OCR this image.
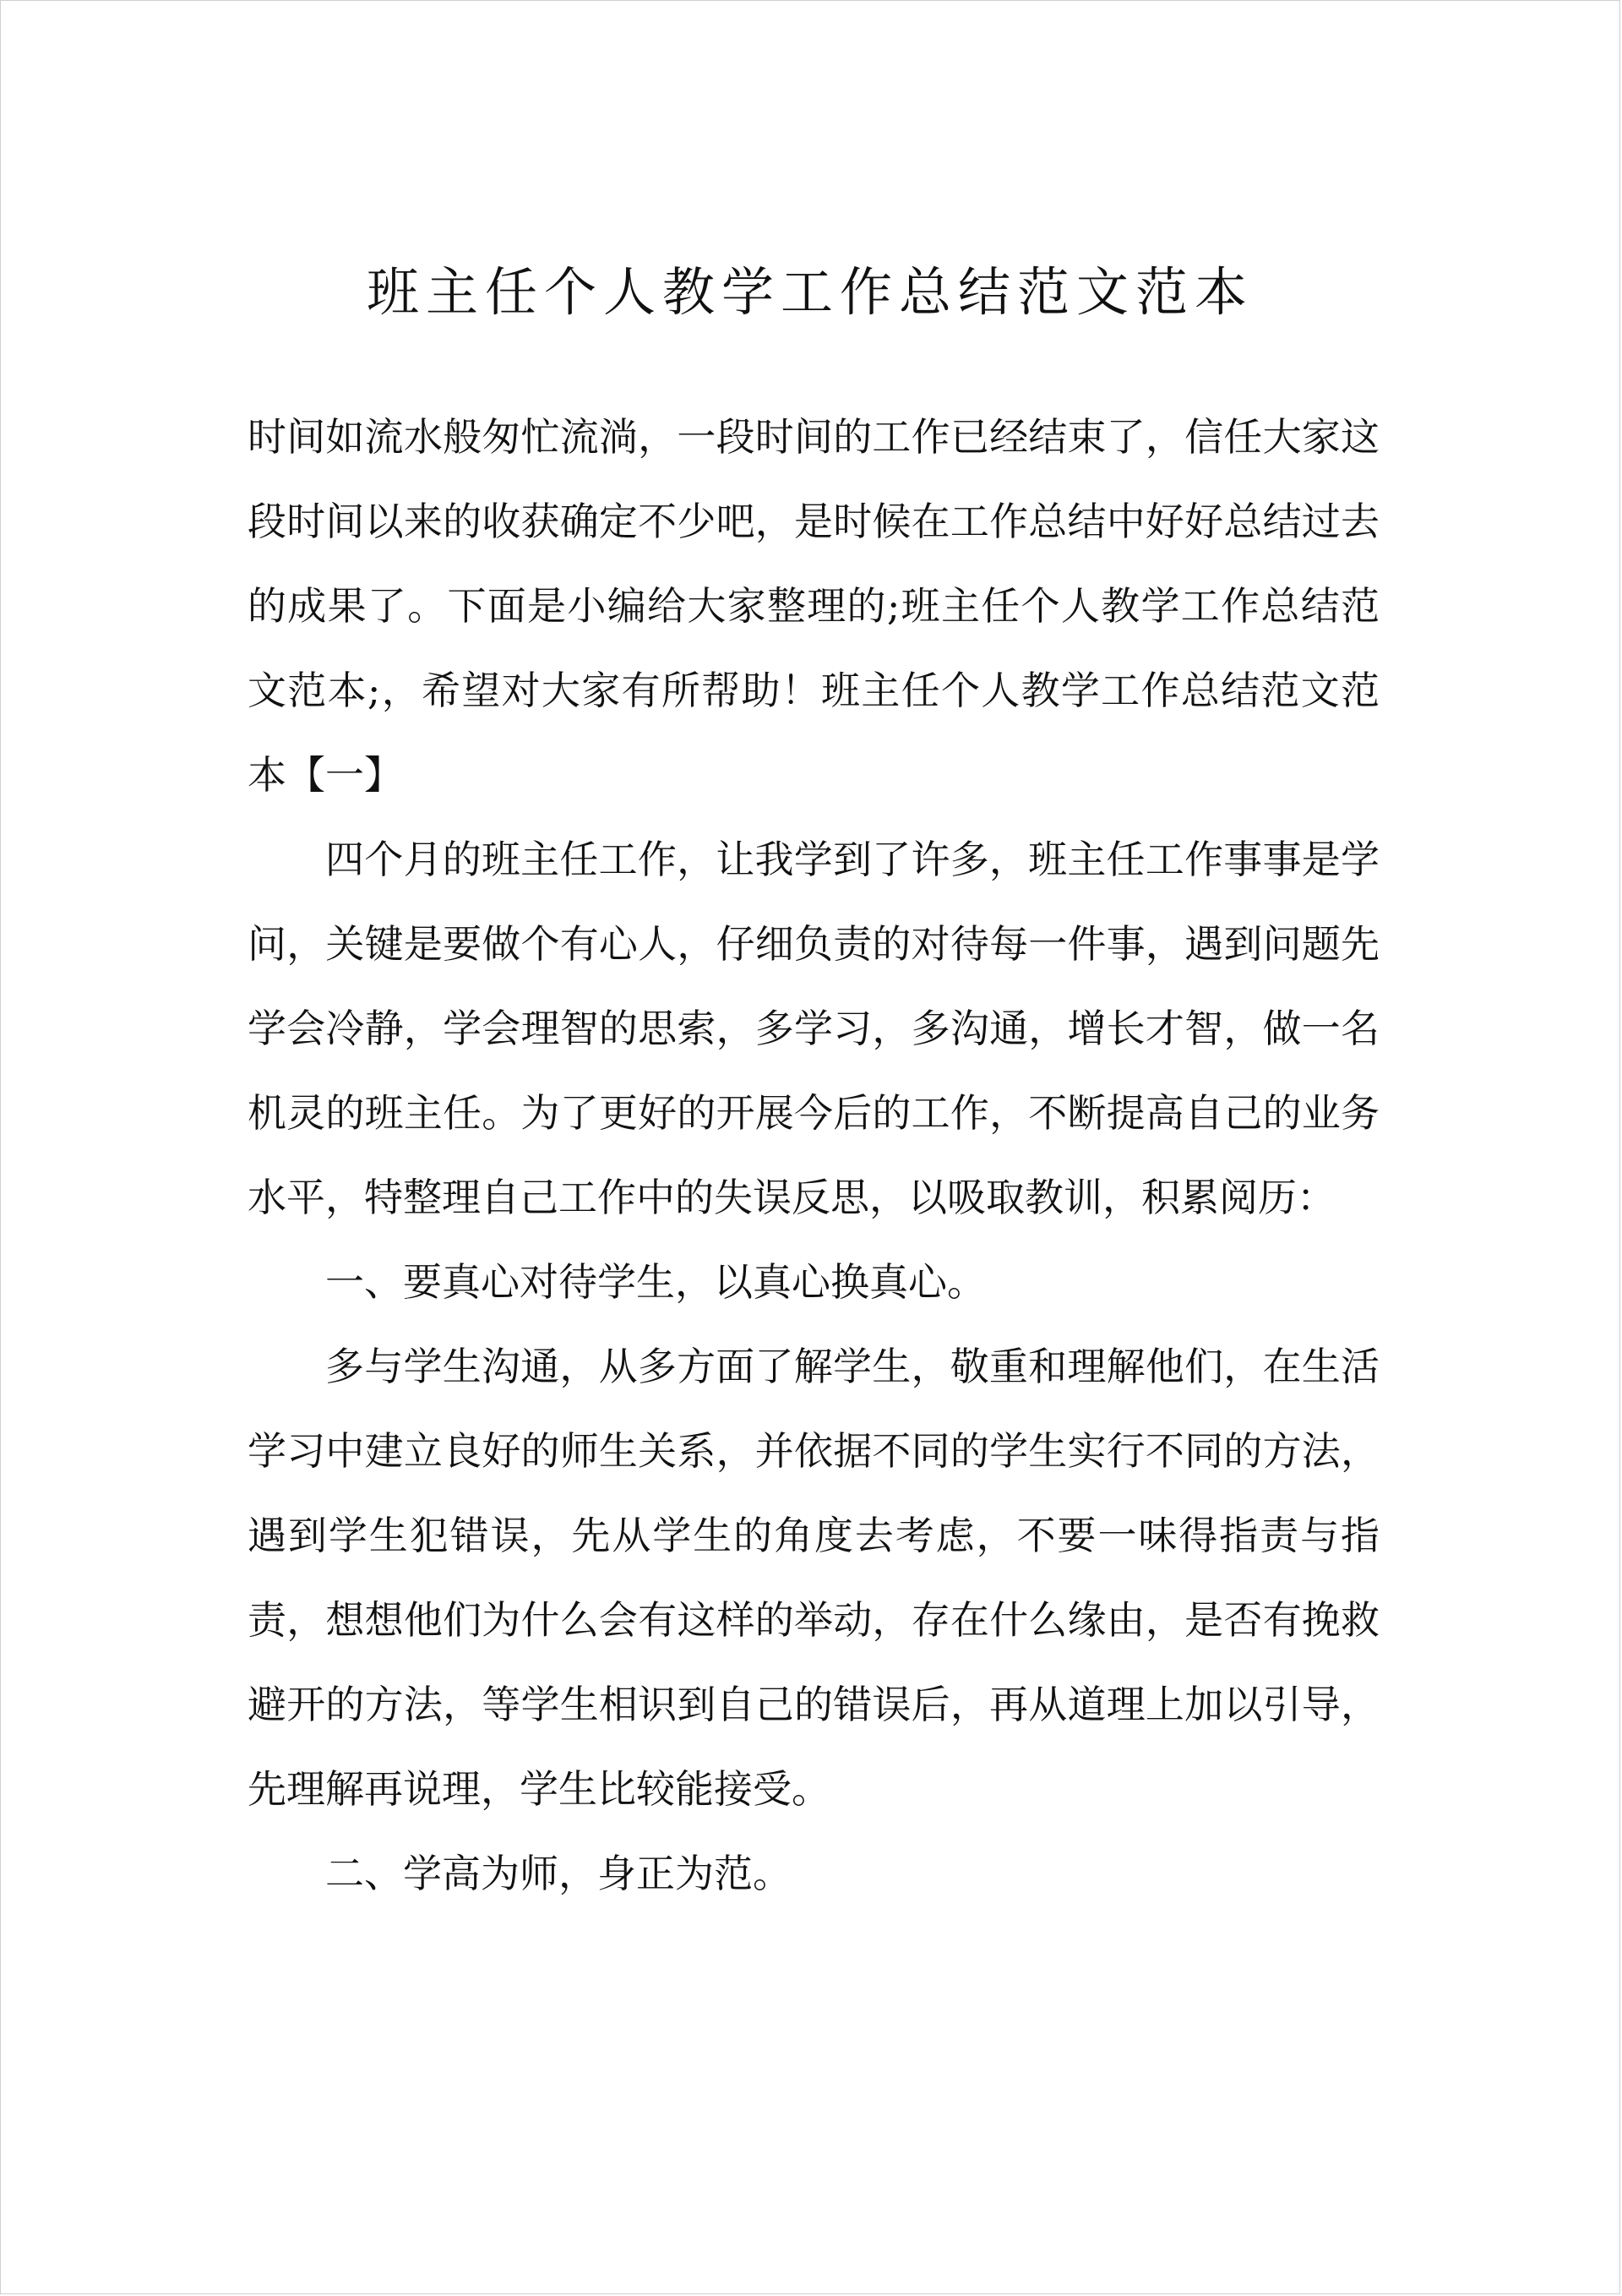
班主任个人教学工作总结范文范本

时间如流水般匆忙流淌，一段时间的工作已经结束了，信任大家这段时间以来的收获确定不少吧，是时候在工作总结中好好总结过去的成果了。下面是小编给大家整理的;班主任个人教学工作总结范文范本;，希望对大家有所帮助！班主任个人教学工作总结范文范本【一】

四个月的班主任工作，让我学到了许多，班主任工作事事是学问，关键是要做个有心人，仔细负责的对待每一件事，遇到问题先学会冷静，学会理智的思索，多学习，多沟通，增长才智，做一名机灵的班主任。为了更好的开展今后的工作，不断提高自己的业务水平，特整理自己工作中的失误反思，以吸取教训，积累阅历：

一、要真心对待学生，以真心换真心。

多与学生沟通，从多方面了解学生，敬重和理解他们，在生活学习中建立良好的师生关系，并依据不同的学生实行不同的方法，遇到学生犯错误，先从学生的角度去考虑，不要一味得指责与指责，想想他们为什么会有这样的举动，存在什么缘由，是否有挽救避开的方法，等学生相识到自己的错误后，再从道理上加以引导，先理解再说理，学生比较能接受。

二、学高为师，身正为范。
